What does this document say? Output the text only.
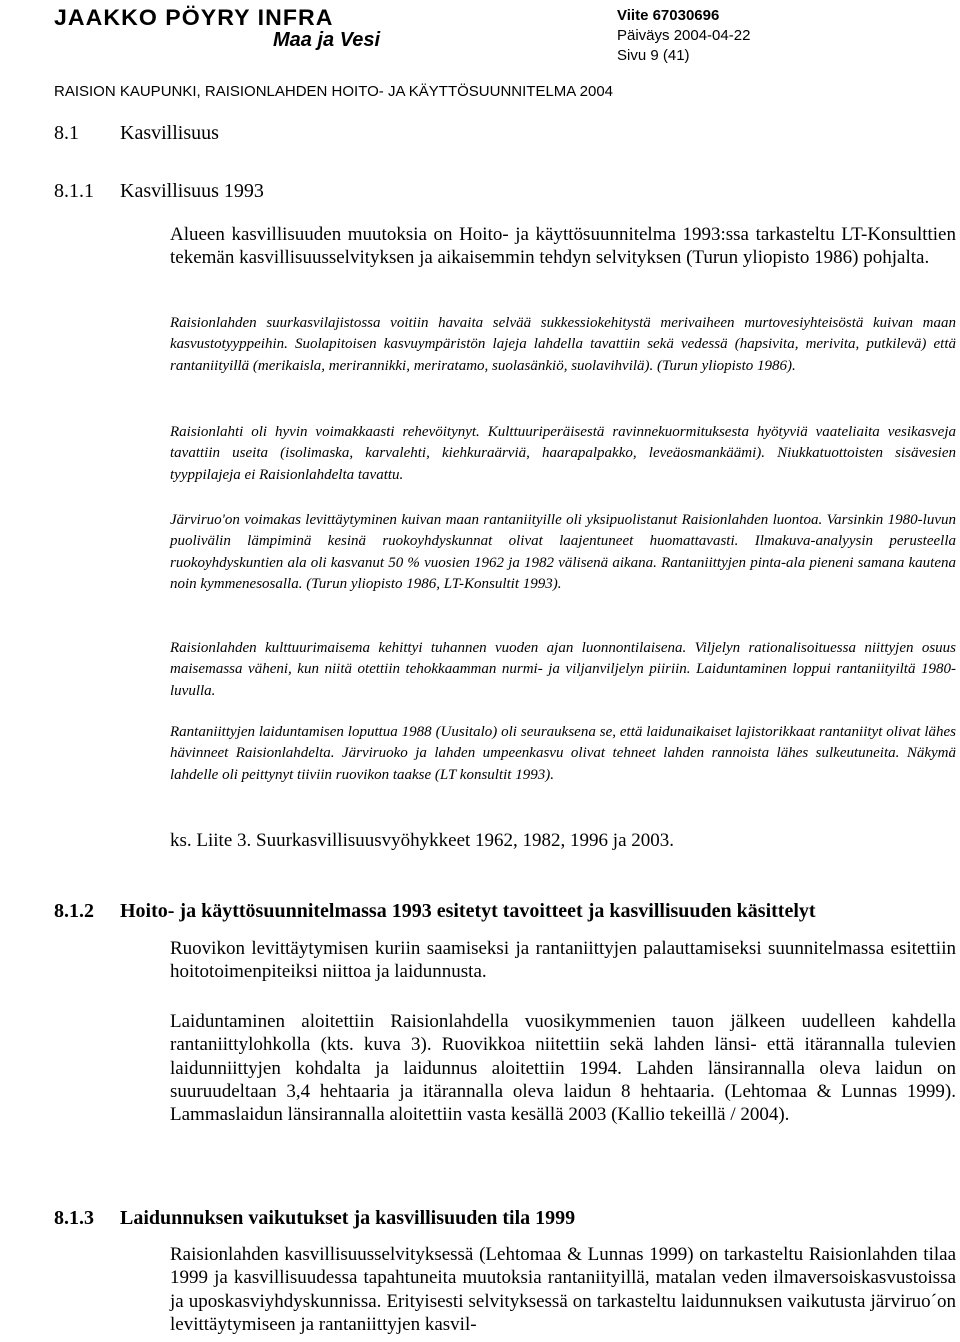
JAAKKO PÖYRY INFRA
Maa ja Vesi
Viite 67030696
Päiväys 2004-04-22
Sivu 9 (41)
RAISION KAUPUNKI, RAISIONLAHDEN HOITO- JA KÄYTTÖSUUNNITELMA 2004
8.1 Kasvillisuus
8.1.1 Kasvillisuus 1993

Alueen kasvillisuuden muutoksia on Hoito- ja käyttösuunnitelma 1993:ssa tarkasteltu LT-Konsulttien tekemän kasvillisuusselvityksen ja aikaisemmin tehdyn selvityksen (Turun yliopisto 1986) pohjalta.

Raisionlahden suurkasvilajistossa voitiin havaita selvää sukkessiokehitystä merivaiheen murtovesiyhteisöstä kuivan maan kasvustotyyppeihin. Suolapitoisen kasvuympäristön lajeja lahdella tavattiin sekä vedessä (hapsivita, merivita, putkilevä) että rantaniityillä (merikaisla, merirannikki, meriratamo, suolasänkiö, suolavihvilä). (Turun yliopisto 1986).

Raisionlahti oli hyvin voimakkaasti rehevöitynyt. Kulttuuriperäisestä ravinnekuormituksesta hyötyviä vaateliaita vesikasveja tavattiin useita (isolimaska, karvalehti, kiehkuraärviä, haarapalpakko, leveäosmankäämi). Niukkatuottoisten sisävesien tyyppilajeja ei Raisionlahdelta tavattu.

Järviruo'on voimakas levittäytyminen kuivan maan rantaniityille oli yksipuolistanut Raisionlahden luontoa. Varsinkin 1980-luvun puolivälin lämpiminä kesinä ruokoyhdyskunnat olivat laajentuneet huomattavasti. Ilmakuva-analyysin perusteella ruokoyhdyskuntien ala oli kasvanut 50 % vuosien 1962 ja 1982 välisenä aikana. Rantaniittyjen pinta-ala pieneni samana kautena noin kymmenesosalla. (Turun yliopisto 1986, LT-Konsultit 1993).

Raisionlahden kulttuurimaisema kehittyi tuhannen vuoden ajan luonnontilaisena. Viljelyn rationalisoituessa niittyjen osuus maisemassa väheni, kun niitä otettiin tehokkaamman nurmi- ja viljanviljelyn piiriin. Laiduntaminen loppui rantaniityiltä 1980-luvulla.

Rantaniittyjen laiduntamisen loputtua 1988 (Uusitalo) oli seurauksena se, että laidunaikaiset lajistorikkaat rantaniityt olivat lähes hävinneet Raisionlahdelta. Järviruoko ja lahden umpeenkasvu olivat tehneet lahden rannoista lähes sulkeutuneita. Näkymä lahdelle oli peittynyt tiiviin ruovikon taakse (LT konsultit 1993).

ks. Liite 3. Suurkasvillisuusvyöhykkeet 1962, 1982, 1996 ja 2003.
8.1.2 Hoito- ja käyttösuunnitelmassa 1993 esitetyt tavoitteet ja kasvillisuuden käsittelyt

Ruovikon levittäytymisen kuriin saamiseksi ja rantaniittyjen palauttamiseksi suunnitelmassa esitettiin hoitotoimenpiteiksi niittoa ja laidunnusta.

Laiduntaminen aloitettiin Raisionlahdella vuosikymmenien tauon jälkeen uudelleen kahdella rantaniittylohkolla (kts. kuva 3). Ruovikkoa niitettiin sekä lahden länsi- että itärannalla tulevien laidunniittyjen kohdalta ja laidunnus aloitettiin 1994. Lahden länsirannalla oleva laidun on suuruudeltaan 3,4 hehtaaria ja itärannalla oleva laidun 8 hehtaaria. (Lehtomaa & Lunnas 1999). Lammaslaidun länsirannalla aloitettiin vasta kesällä 2003 (Kallio tekeillä / 2004).

8.1.3 Laidunnuksen vaikutukset ja kasvillisuuden tila 1999

Raisionlahden kasvillisuusselvityksessä (Lehtomaa & Lunnas 1999) on tarkasteltu Raisionlahden tilaa 1999 ja kasvillisuudessa tapahtuneita muutoksia rantaniityillä, matalan veden ilmaversoiskasvustoissa ja uposkasviyhdyskunnissa. Erityisesti selvityksessä on tarkasteltu laidunnuksen vaikutusta järviruo´on levittäytymiseen ja rantaniittyjen kasvil-
